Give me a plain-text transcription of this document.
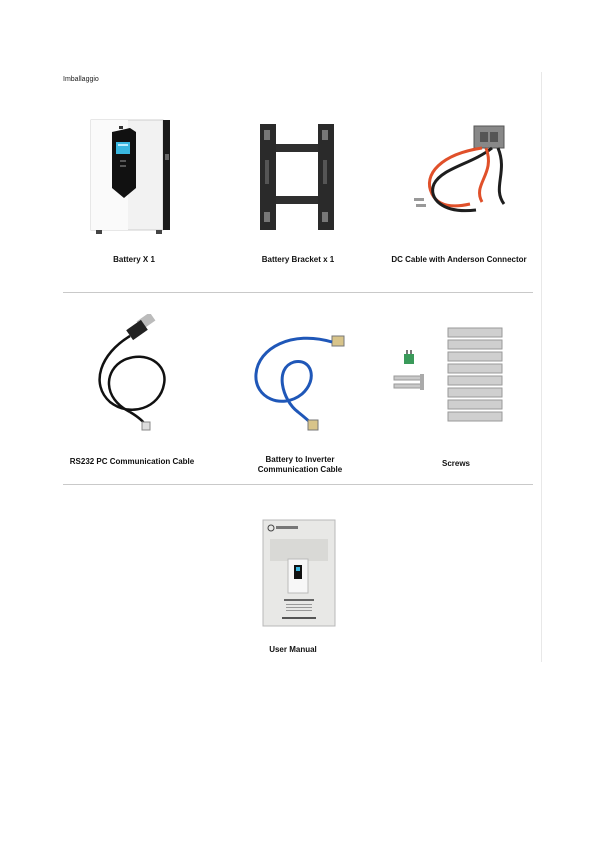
Imballaggio
Battery X 1	Battery Bracket x 1	DC Cable with Anderson Connector
RS232 PC Communication Cable	Battery to Inverter
Communication Cable
Screws
User Manual
